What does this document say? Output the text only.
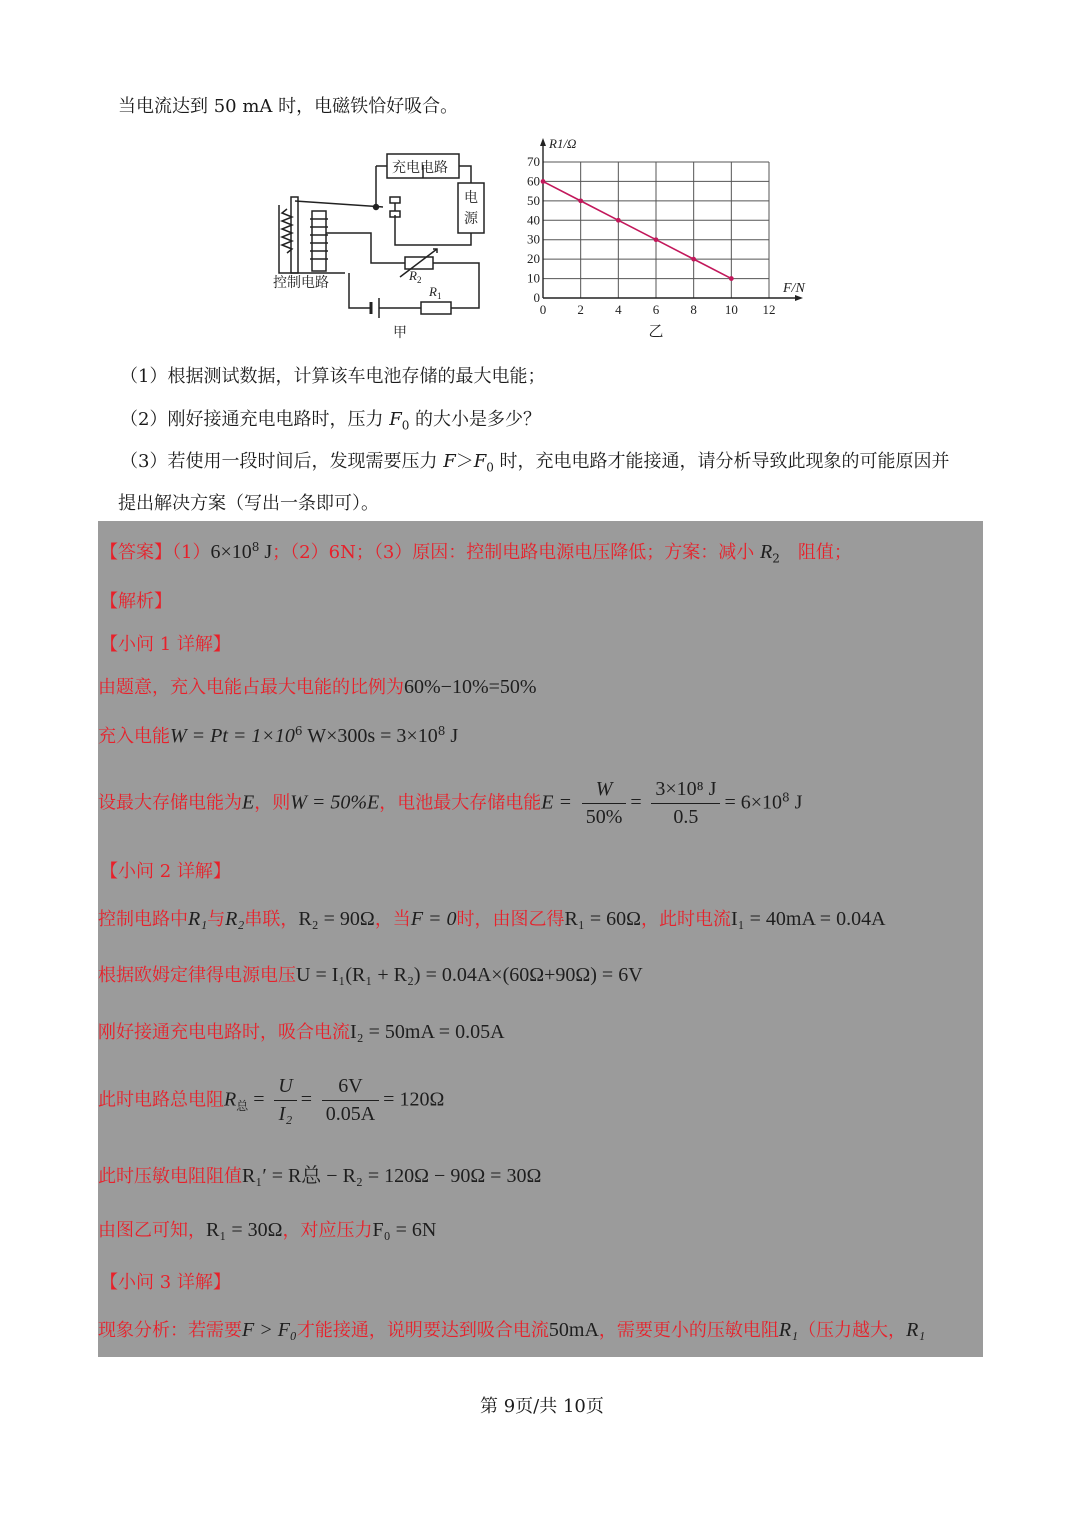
当电流达到 50 mA 时，电磁铁恰好吸合。
充电电路
电
源
控制电路
$R_2$
$R_1$
甲
0 2 4 6 8 10 12
0
10
20
30
40
50
60
70
F/N
R1/Ω
乙
（1）根据测试数据，计算该车电池存储的最大电能；
（2）刚好接通充电电路时，压力 $F_0$ 的大小是多少？
（3）若使用一段时间后，发现需要压力 $F>F_0$ 时，充电电路才能接通，请分析导致此现象的可能原因并
提出解决方案（写出一条即可）。
【答案】$(1)6\times 10^8$ J；（2）6N；（3）原因：控制电路电源电压降低；方案：减小 $R_2$　阻值；
【解析】
【小问 1 详解】
由题意，充入电能占最大电能的比例为60%−10%=50%
充入电能$W = Pt = 1\times 10^6$ $W\times 300s = 3\times 10^8$ J
设最大存储电能为E，则W = 50%E，电池最大存储电能$E = \frac{W}{50\%} = \frac{\text{3×10⁸ J}}{0.5} = 6\times 10^8$ J
【小问 2 详解】
控制电路中R₁与R₂串联，R₂ = 90Ω，当F = 0时，由图乙得R₁ = 60Ω，此时电流I₁ = 40mA = 0.04A
根据欧姆定律得电源电压U = I₁(R₁ + R₂) = 0.04A×(60Ω+90Ω) = 6V
刚好接通充电电路时，吸合电流I₂ = 50mA = 0.05A
此时电路总电阻$R_总 = \frac{U}{\text{I₂}} = \frac{6V}{0.05A} = 120\Omega$
此时压敏电阻阻值R₁′ = R总 − R₂ = 120Ω − 90Ω = 30Ω
由图乙可知，R₁ = 30Ω，对应压力F₀ = 6N
【小问 3 详解】
现象分析：若需要F > F₀才能接通，说明要达到吸合电流50mA，需要更小的压敏电阻R₁（压力越大，R₁
第 9页/共 10页
